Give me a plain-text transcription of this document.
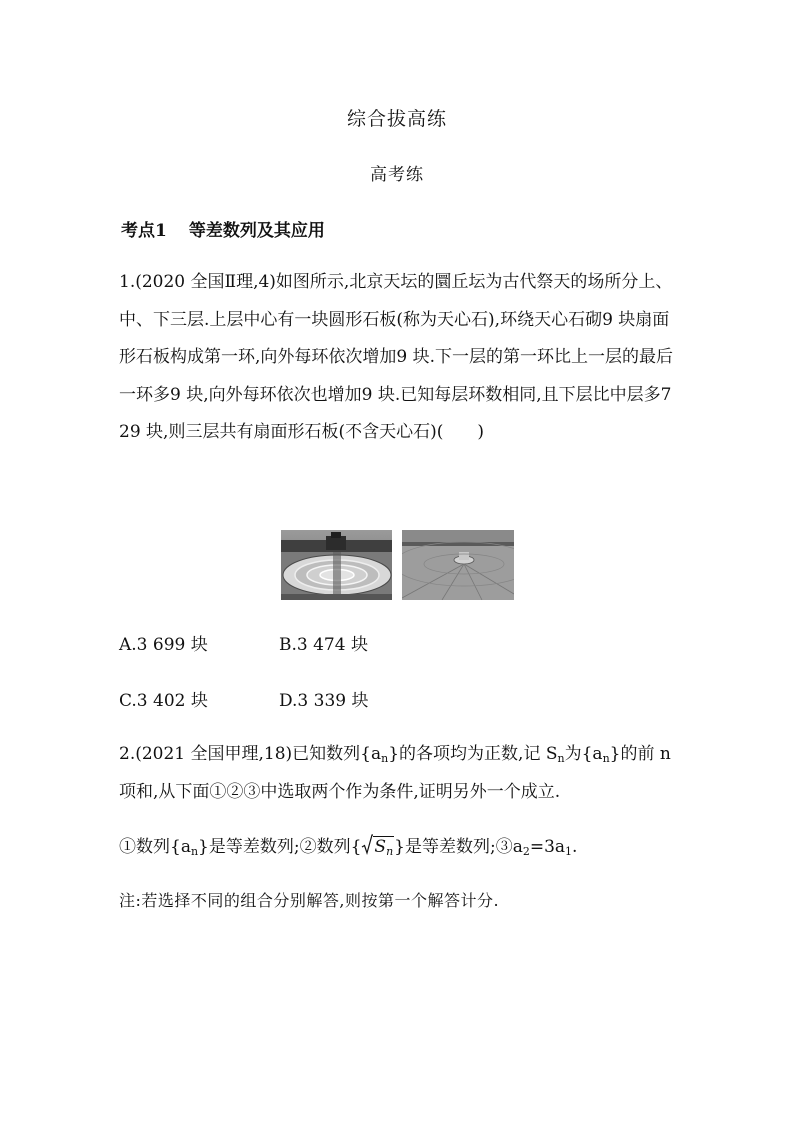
综合拔高练
高考练
考点1 等差数列及其应用
1.(2020 全国Ⅱ理,4)如图所示,北京天坛的圜丘坛为古代祭天的场所分上、中、下三层.上层中心有一块圆形石板(称为天心石),环绕天心石砌9 块扇面形石板构成第一环,向外每环依次增加9 块.下一层的第一环比上一层的最后一环多9 块,向外每环依次也增加9 块.已知每层环数相同,且下层比中层多729 块,则三层共有扇面形石板(不含天心石)(　　)
A.3 699 块	B.3 474 块
C.3 402 块	D.3 339 块
2.(2021 全国甲理,18)已知数列$\{a_n\}$的各项均为正数,记 $S_n$为$\{a_n\}$的前 n 项和,从下面①②③中选取两个作为条件,证明另外一个成立.
①数列$\{a_n\}$是等差数列;②数列{ $S_n$}是等差数列$;③a_2=3a_1$.
注:若选择不同的组合分别解答,则按第一个解答计分.
